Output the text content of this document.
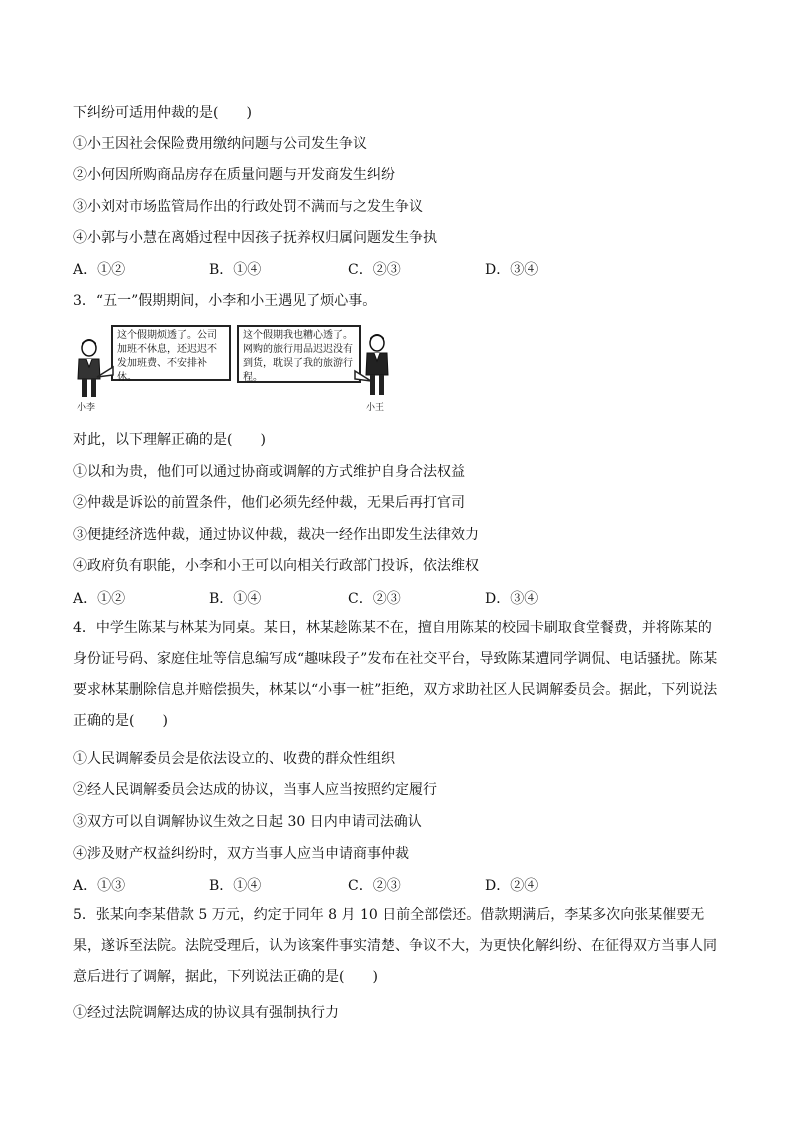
下纠纷可适用仲裁的是(　　)
①小王因社会保险费用缴纳问题与公司发生争议
②小何因所购商品房存在质量问题与开发商发生纠纷
③小刘对市场监管局作出的行政处罚不满而与之发生争议
④小郭与小慧在离婚过程中因孩子抚养权归属问题发生争执
A．①②	B．①④	C．②③	D．③④
3．“五一”假期期间，小李和小王遇见了烦心事。
小李
这个假期烦透了。公司加班不休息，还迟迟不发加班费、不安排补休。
这个假期我也糟心透了。网购的旅行用品迟迟没有到货，耽误了我的旅游行程。
小王
对此，以下理解正确的是(　　)
①以和为贵，他们可以通过协商或调解的方式维护自身合法权益
②仲裁是诉讼的前置条件，他们必须先经仲裁，无果后再打官司
③便捷经济选仲裁，通过协议仲裁，裁决一经作出即发生法律效力
④政府负有职能，小李和小王可以向相关行政部门投诉，依法维权
A．①②	B．①④	C．②③	D．③④
4．中学生陈某与林某为同桌。某日，林某趁陈某不在，擅自用陈某的校园卡刷取食堂餐费，并将陈某的身份证号码、家庭住址等信息编写成“趣味段子”发布在社交平台，导致陈某遭同学调侃、电话骚扰。陈某要求林某删除信息并赔偿损失，林某以“小事一桩”拒绝，双方求助社区人民调解委员会。据此，下列说法正确的是(　　)
①人民调解委员会是依法设立的、收费的群众性组织
②经人民调解委员会达成的协议，当事人应当按照约定履行
③双方可以自调解协议生效之日起 30 日内申请司法确认
④涉及财产权益纠纷时，双方当事人应当申请商事仲裁
A．①③	B．①④	C．②③	D．②④
5．张某向李某借款 5 万元，约定于同年 8 月 10 日前全部偿还。借款期满后，李某多次向张某催要无果，遂诉至法院。法院受理后，认为该案件事实清楚、争议不大，为更快化解纠纷、在征得双方当事人同意后进行了调解，据此，下列说法正确的是(　　)
①经过法院调解达成的协议具有强制执行力
